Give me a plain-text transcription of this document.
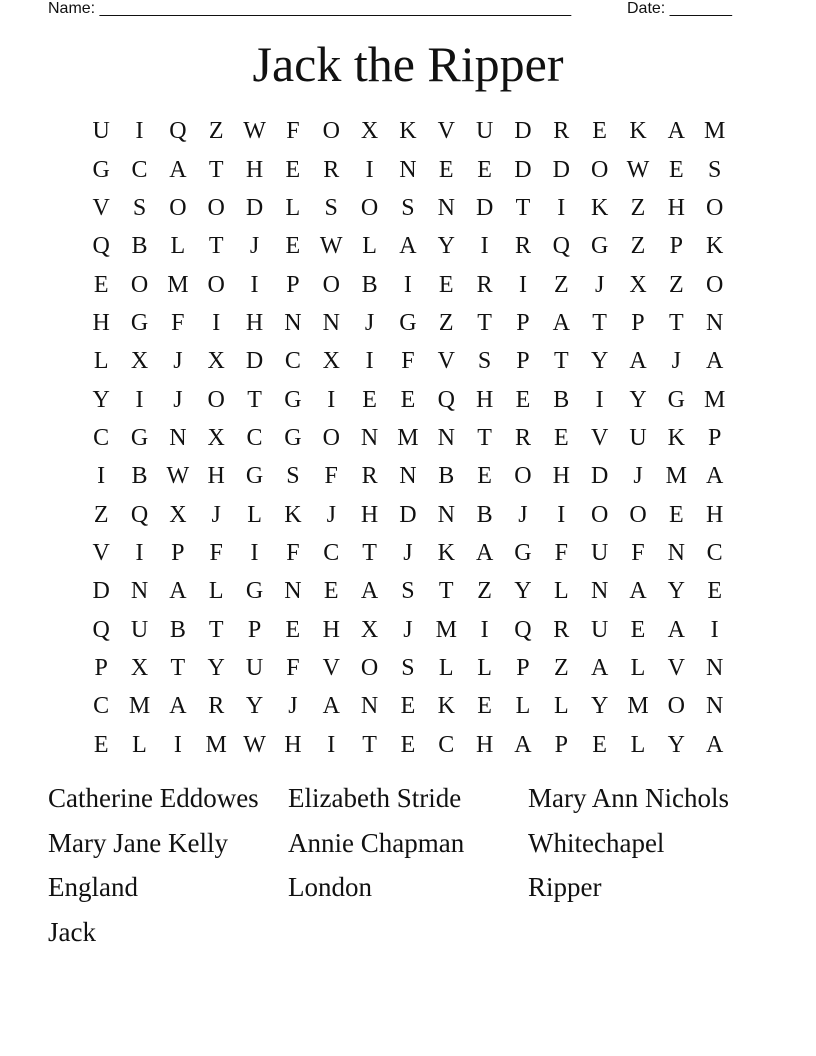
Name: _____________________________________________________	Date: _______
Jack the Ripper
U	I	Q Z W F O X K V U D R E K A M
G C A T H E R	I	N E E D D O W E	S
V S O O D L	S O S N D T	I	K Z H O
Q B L T	J	E W L A Y	I	R Q G Z	P K
E O M O	I	P O B	I	E R	I	Z	J	X Z O
H G F	I	H N N	J	G Z T	P A T	P	T N
L X	J	X D C X	I	F V S	P	T Y A	J	A
Y	I	J	O T G	I	E E Q H E B	I	Y G M
C G N X C G O N M N T R E V U K P
I	B W H G S	F R N B E O H D	J M A
Z Q X	J	L K	J	H D N B	J	I	O O E H
V	I	P	F	I	F C T	J	K A G F U F N C
D N A L G N E A S	T Z Y L N A Y E
Q U B T	P	E H X	J M I	Q R U E A	I
P X T Y U F V O S	L L	P	Z A L V N
C M A R Y	J	A N E K E L L Y M O N
E L	I M W H	I	T E C H A P	E L Y A
Catherine Eddowes	Elizabeth Stride	Mary Ann Nichols
Mary Jane Kelly	Annie Chapman	Whitechapel
England	London	Ripper
Jack
